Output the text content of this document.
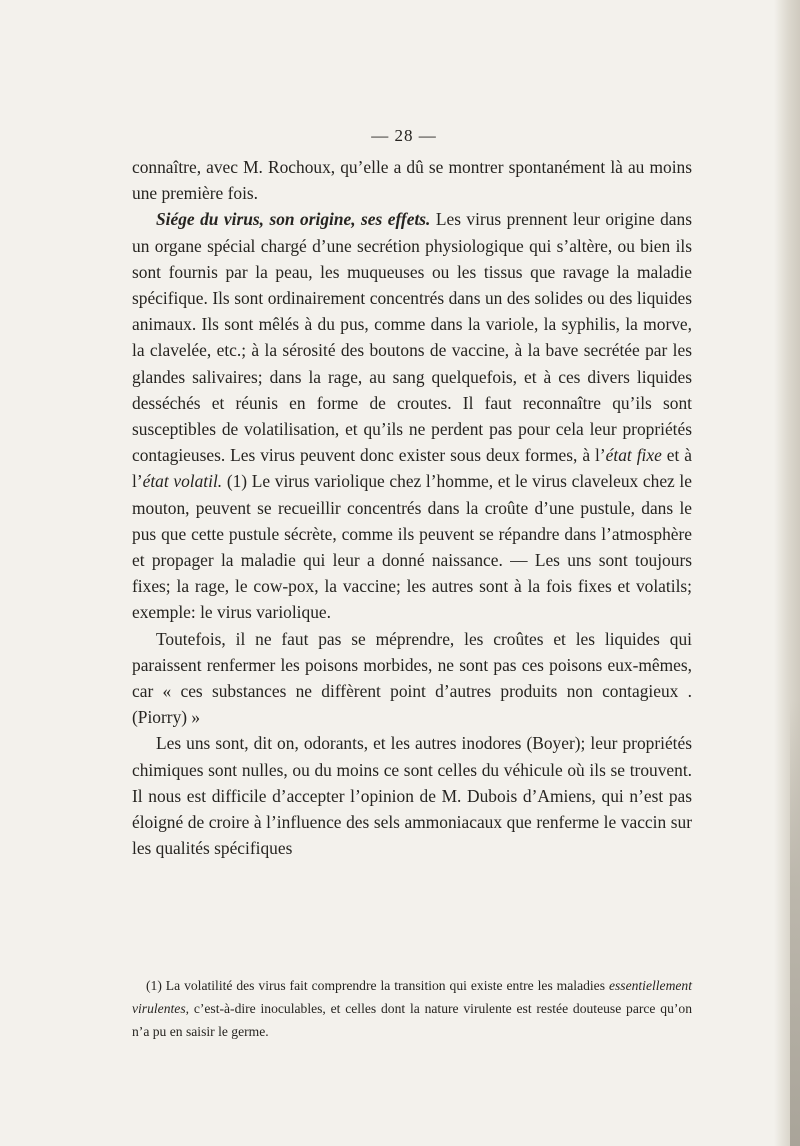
— 28 —

connaître, avec M. Rochoux, qu’elle a dû se montrer spontanément là au moins une première fois.

Siége du virus, son origine, ses effets. Les virus prennent leur origine dans un organe spécial chargé d’une secrétion physiologique qui s’altère, ou bien ils sont fournis par la peau, les muqueuses ou les tissus que ravage la maladie spécifique. Ils sont ordinairement concentrés dans un des solides ou des liquides animaux. Ils sont mêlés à du pus, comme dans la variole, la syphilis, la morve, la clavelée, etc.; à la sérosité des boutons de vaccine, à la bave secrétée par les glandes salivaires; dans la rage, au sang quelquefois, et à ces divers liquides desséchés et réunis en forme de croutes. Il faut reconnaître qu’ils sont susceptibles de volatilisation, et qu’ils ne perdent pas pour cela leur propriétés contagieuses. Les virus peuvent donc exister sous deux formes, à l’état fixe et à l’état volatil. (1) Le virus variolique chez l’homme, et le virus claveleux chez le mouton, peuvent se recueillir concentrés dans la croûte d’une pustule, dans le pus que cette pustule sécrète, comme ils peuvent se répandre dans l’atmosphère et propager la maladie qui leur a donné naissance. — Les uns sont toujours fixes; la rage, le cow-pox, la vaccine; les autres sont à la fois fixes et volatils; exemple: le virus variolique.

Toutefois, il ne faut pas se méprendre, les croûtes et les liquides qui paraissent renfermer les poisons morbides, ne sont pas ces poisons eux-mêmes, car « ces substances ne diffèrent point d’autres produits non contagieux .(Piorry) »

Les uns sont, dit on, odorants, et les autres inodores (Boyer); leur propriétés chimiques sont nulles, ou du moins ce sont celles du véhicule où ils se trouvent. Il nous est difficile d’accepter l’opinion de M. Dubois d’Amiens, qui n’est pas éloigné de croire à l’influence des sels ammoniacaux que renferme le vaccin sur les qualités spécifiques

(1) La volatilité des virus fait comprendre la transition qui existe entre les maladies essentiellement virulentes, c’est-à-dire inoculables, et celles dont la nature virulente est restée douteuse parce qu’on n’a pu en saisir le germe.
